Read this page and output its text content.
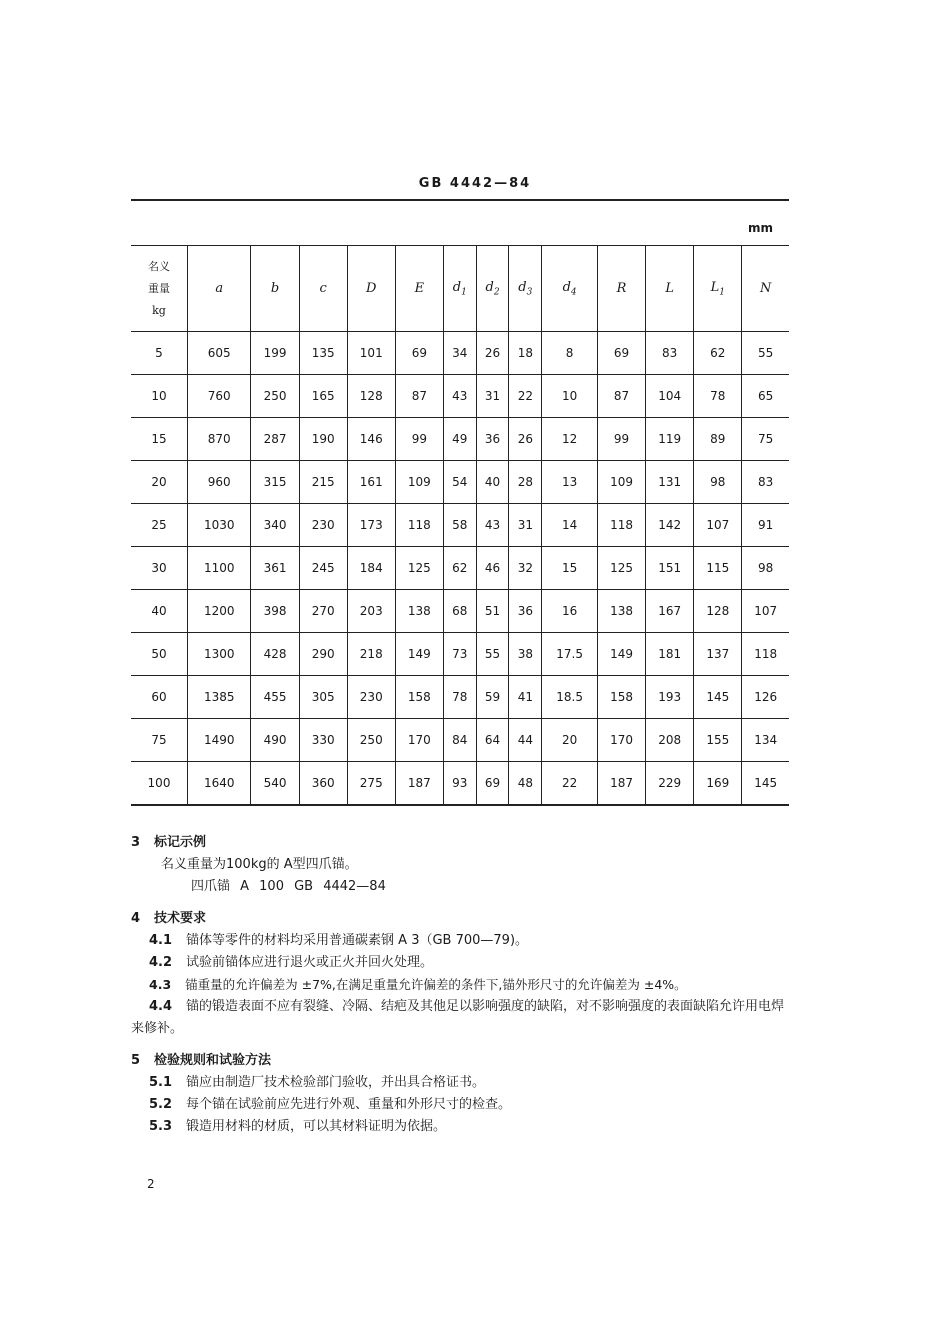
GB 4442—84
mm
名义
重量
kg	a	b	c	D	E	$d_1$	$d_2$	$d_3$	$d_4$	R	L	$L_1$	N
5	605	199	135	101	69	34	26	18	8	69	83	62	55
10	760	250	165	128	87	43	31	22	10	87	104	78	65
15	870	287	190	146	99	49	36	26	12	99	119	89	75
20	960	315	215	161	109	54	40	28	13	109	131	98	83
25	1030	340	230	173	118	58	43	31	14	118	142	107	91
30	1100	361	245	184	125	62	46	32	15	125	151	115	98
40	1200	398	270	203	138	68	51	36	16	138	167	128	107
50	1300	428	290	218	149	73	55	38	17.5	149	181	137	118
60	1385	455	305	230	158	78	59	41	18.5	158	193	145	126
75	1490	490	330	250	170	84	64	44	20	170	208	155	134
100	1640	540	360	275	187	93	69	48	22	187	229	169	145
3 标记示例
名义重量为100kg的 A型四爪锚。
四爪锚 A 100 GB 4442—84
4 技术要求
4.1 锚体等零件的材料均采用普通碳素钢 A 3（GB 700—79)。
4.2 试验前锚体应进行退火或正火并回火处理。
4.3 锚重量的允许偏差为 ±7%,在满足重量允许偏差的条件下,锚外形尺寸的允许偏差为 ±4%。
4.4 锚的锻造表面不应有裂缝、冷隔、结疤及其他足以影响强度的缺陷，对不影响强度的表面缺陷允许用电焊来修补。
5 检验规则和试验方法
5.1 锚应由制造厂技术检验部门验收，并出具合格证书。
5.2 每个锚在试验前应先进行外观、重量和外形尺寸的检查。
5.3 锻造用材料的材质，可以其材料证明为依据。
2
